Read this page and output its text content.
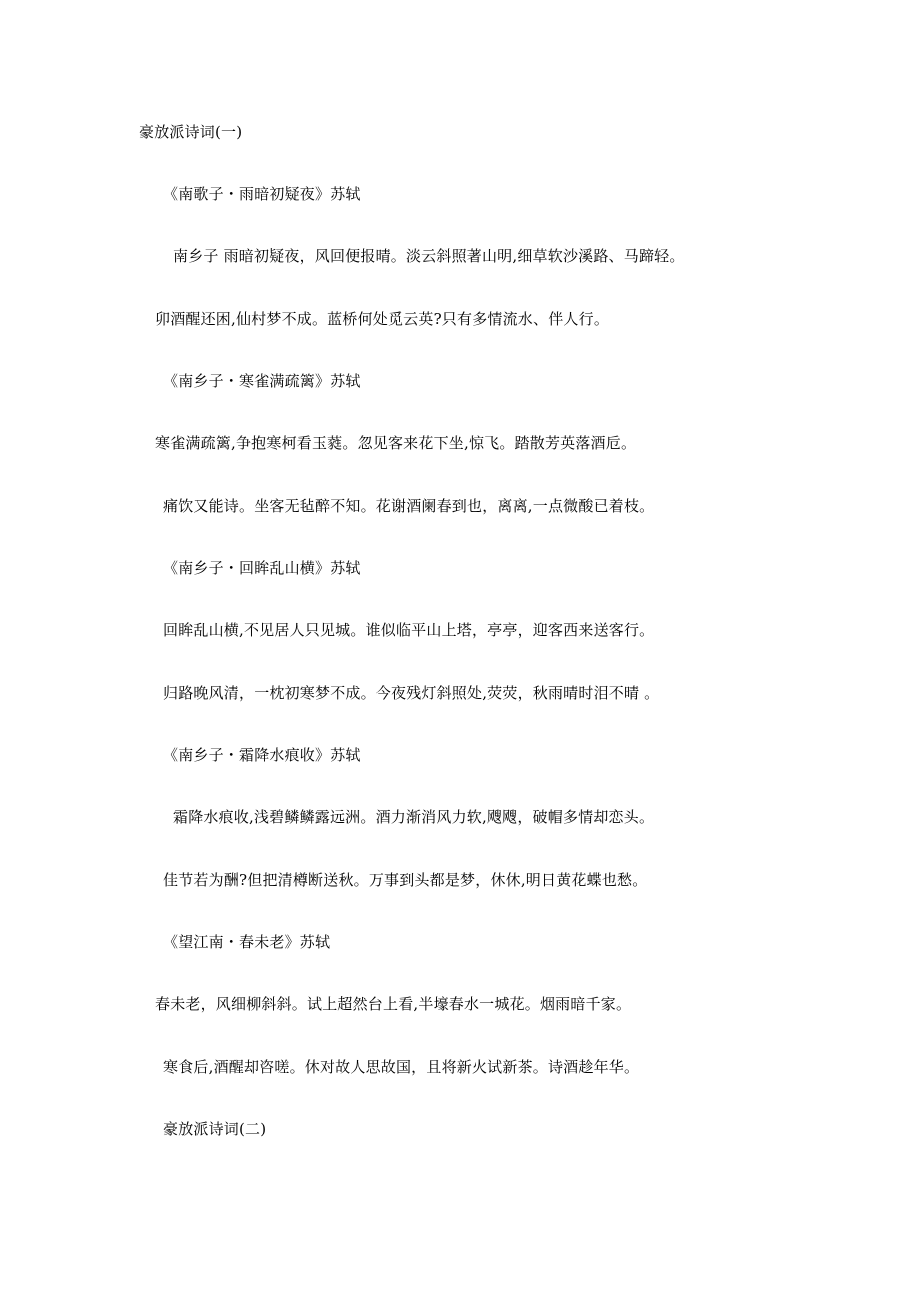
豪放派诗词(一)
《南歌子・雨暗初疑夜》苏轼
南乡子 雨暗初疑夜，风回便报晴。淡云斜照著山明,细草软沙溪路、马蹄轻。
卯酒醒还困,仙村梦不成。蓝桥何处觅云英?只有多情流水、伴人行。
《南乡子・寒雀满疏篱》苏轼
寒雀满疏篱,争抱寒柯看玉蕤。忽见客来花下坐,惊飞。踏散芳英落酒卮。
痛饮又能诗。坐客无毡醉不知。花谢酒阑春到也，离离,一点微酸已着枝。
《南乡子・回眸乱山横》苏轼
回眸乱山横,不见居人只见城。谁似临平山上塔，亭亭，迎客西来送客行。
归路晚风清，一枕初寒梦不成。今夜残灯斜照处,荧荧，秋雨晴时泪不晴 。
《南乡子・霜降水痕收》苏轼
霜降水痕收,浅碧鳞鳞露远洲。酒力渐消风力软,飕飕，破帽多情却恋头。
佳节若为酬?但把清樽断送秋。万事到头都是梦，休休,明日黄花蝶也愁。
《望江南・春未老》苏轼
春未老，风细柳斜斜。试上超然台上看,半壕春水一城花。烟雨暗千家。
寒食后,酒醒却咨嗟。休对故人思故国，且将新火试新茶。诗酒趁年华。
豪放派诗词(二)
